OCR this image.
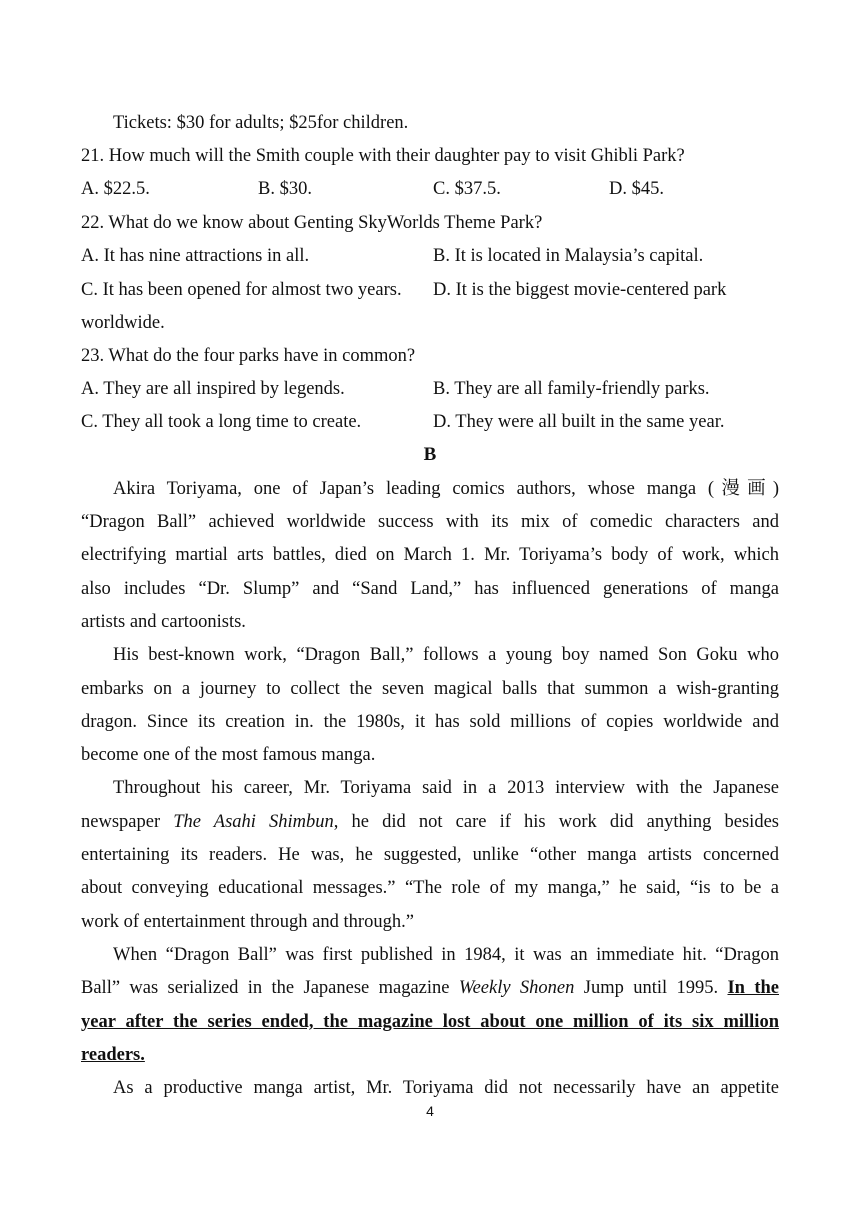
Tickets: $30 for adults; $25for children.
21. How much will the Smith couple with their daughter pay to visit Ghibli Park?
A. $22.5.	B. $30.	C. $37.5.	D. $45.
22. What do we know about Genting SkyWorlds Theme Park?
A. It has nine attractions in all.	B. It is located in Malaysia’s capital.
C. It has been opened for almost two years. D. It is the biggest movie-centered park
worldwide.
23. What do the four parks have in common?
A. They are all inspired by legends.	B. They are all family-friendly parks.
C. They all took a long time to create.	D. They were all built in the same year.
B
Akira Toriyama, one of Japan’s leading comics authors, whose manga (漫画)
“Dragon Ball” achieved worldwide success with its mix of comedic characters and
electrifying martial arts battles, died on March 1. Mr. Toriyama’s body of work, which
also includes “Dr. Slump” and “Sand Land,” has influenced generations of manga
artists and cartoonists.
His best-known work, “Dragon Ball,” follows a young boy named Son Goku who
embarks on a journey to collect the seven magical balls that summon a wish-granting
dragon. Since its creation in. the 1980s, it has sold millions of copies worldwide and
become one of the most famous manga.
Throughout his career, Mr. Toriyama said in a 2013 interview with the Japanese
newspaper The Asahi Shimbun, he did not care if his work did anything besides
entertaining its readers. He was, he suggested, unlike “other manga artists concerned
about conveying educational messages.” “The role of my manga,” he said, “is to be a
work of entertainment through and through.”
When “Dragon Ball” was first published in 1984, it was an immediate hit. “Dragon
Ball” was serialized in the Japanese magazine Weekly Shonen Jump until 1995. In the
year after the series ended, the magazine lost about one million of its six million
readers.
As a productive manga artist, Mr. Toriyama did not necessarily have an appetite
4
